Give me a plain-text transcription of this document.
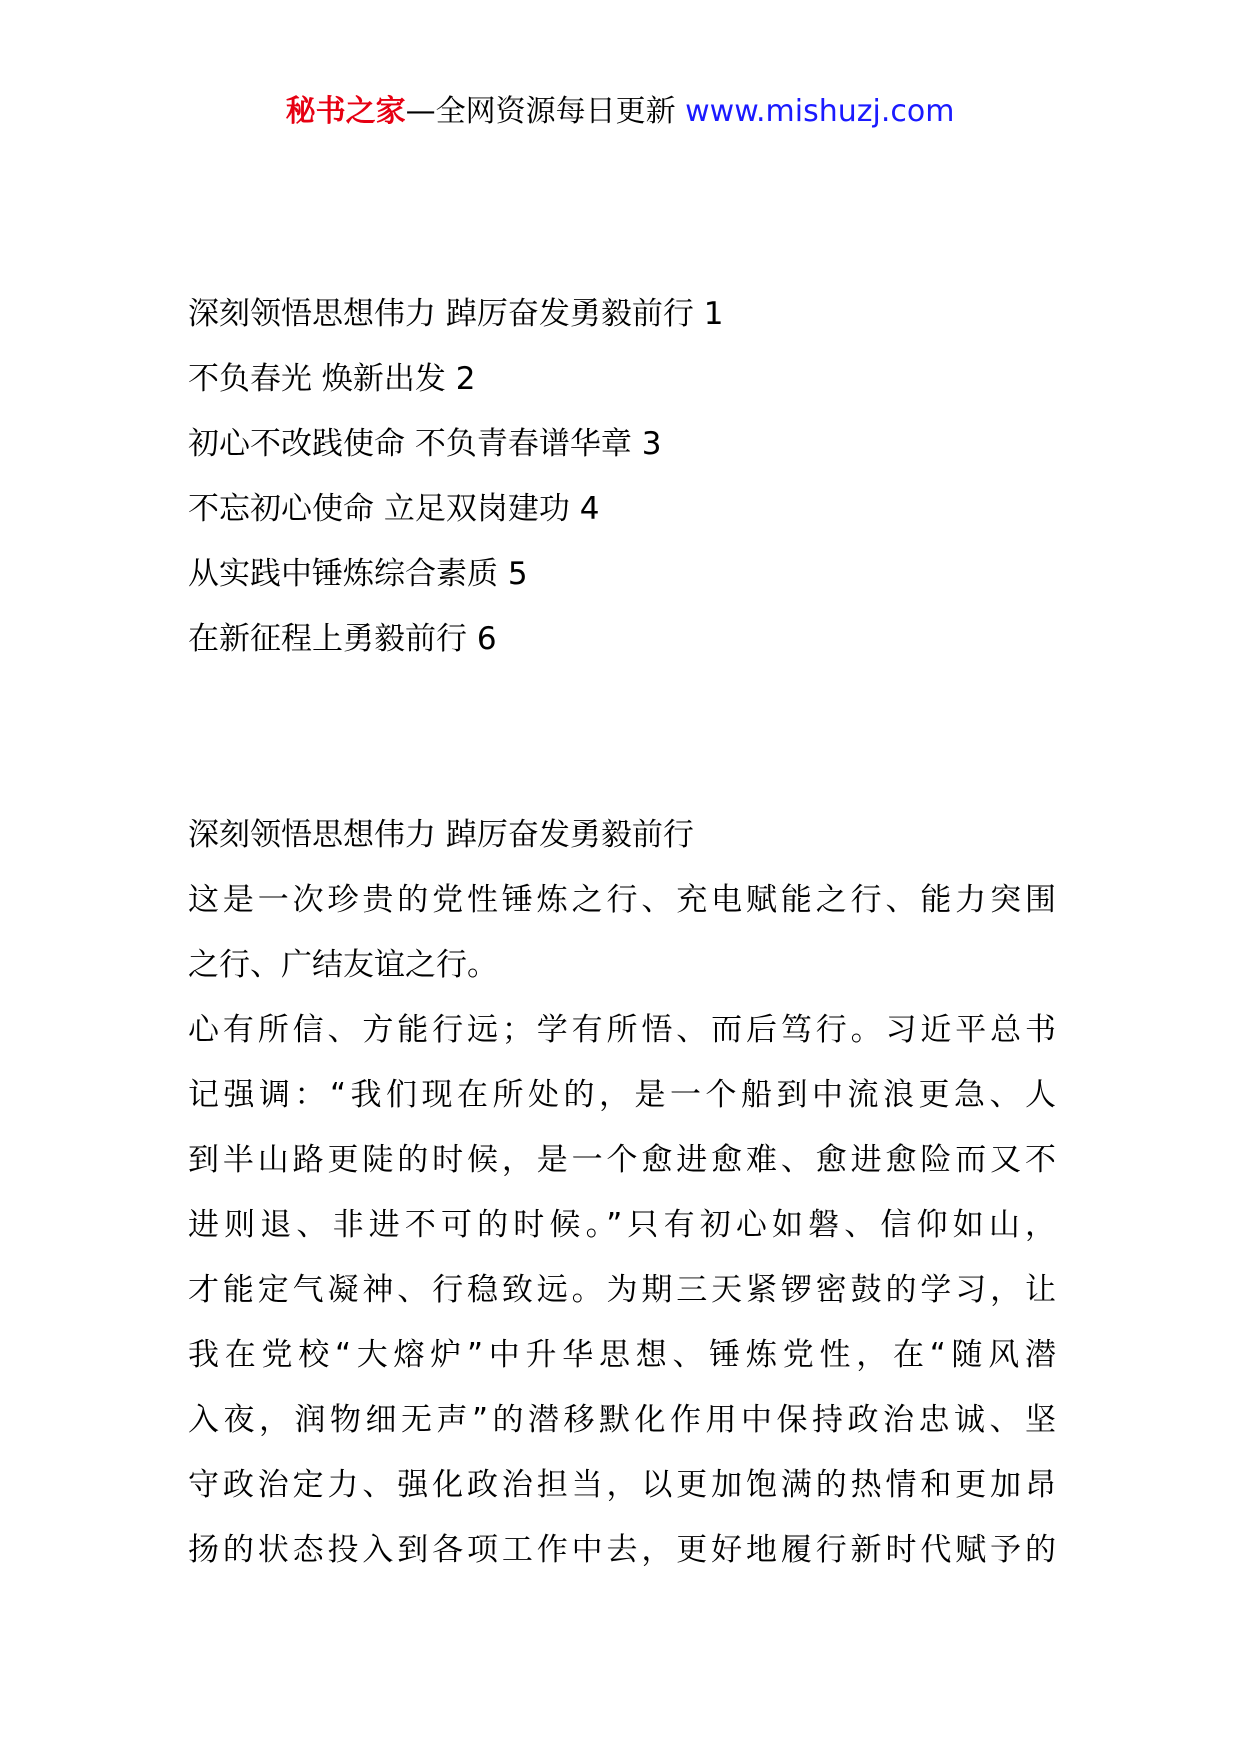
秘书之家—全网资源每日更新 www.mishuzj.com
深刻领悟思想伟力 踔厉奋发勇毅前行 1
不负春光 焕新出发 2
初心不改践使命 不负青春谱华章 3
不忘初心使命 立足双岗建功 4
从实践中锤炼综合素质 5
在新征程上勇毅前行 6
深刻领悟思想伟力 踔厉奋发勇毅前行
这是一次珍贵的党性锤炼之行、充电赋能之行、能力突围
之行、广结友谊之行。
心有所信、方能行远；学有所悟、而后笃行。习近平总书
记强调：“我们现在所处的，是一个船到中流浪更急、人
到半山路更陡的时候，是一个愈进愈难、愈进愈险而又不
进则退、非进不可的时候。”只有初心如磐、信仰如山，
才能定气凝神、行稳致远。为期三天紧锣密鼓的学习，让
我在党校“大熔炉”中升华思想、锤炼党性，在“随风潜
入夜，润物细无声”的潜移默化作用中保持政治忠诚、坚
守政治定力、强化政治担当，以更加饱满的热情和更加昂
扬的状态投入到各项工作中去，更好地履行新时代赋予的
